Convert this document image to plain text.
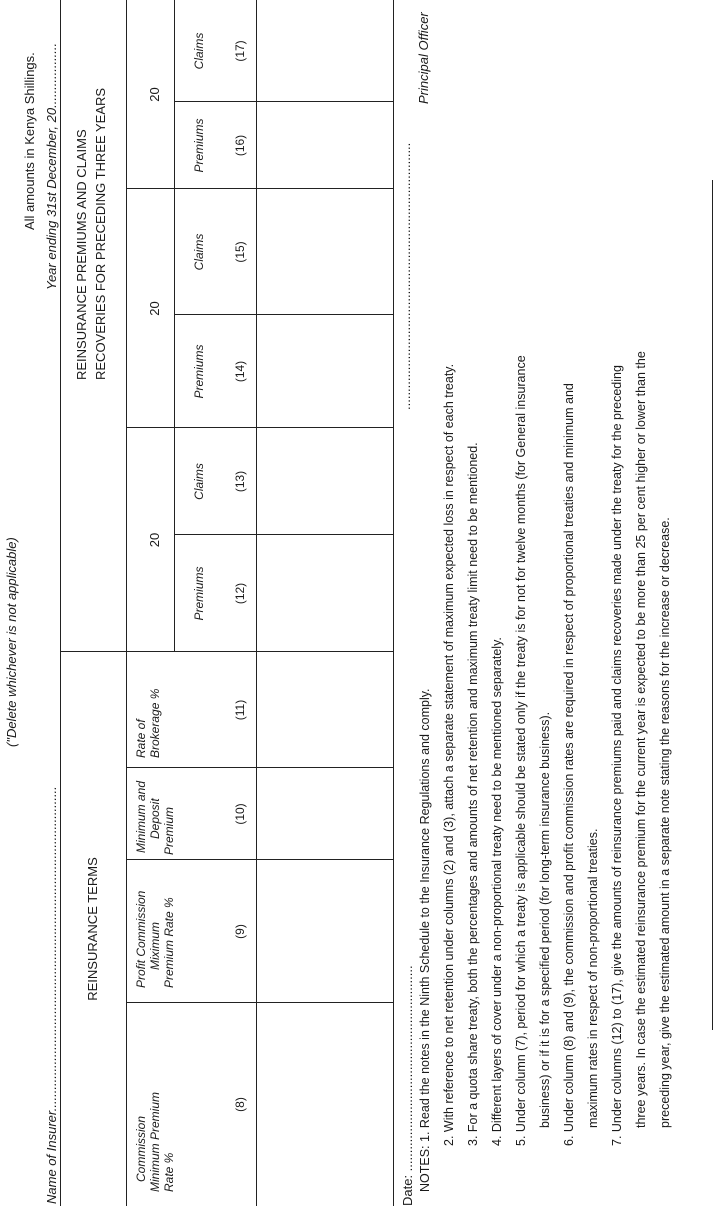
("Delete whichever is not applicable)
All amounts in Kenya Shillings.
Name of Insurer..........................................................................................
Year ending 31st December, 20..................
REINSURANCE TERMS
REINSURANCE PREMIUMS AND CLAIMS RECOVERIES FOR PRECEDING THREE YEARS
Commission Minimum Premium Rate %
Profit Commission Miximum Premium Rate %
Minimum and Deposit Premium
Rate of Brokerage %
(8)
(9)
(10)
(11)
20
20
20
Premiums
Claims
Premiums
Claims
Premiums
Claims
(12)
(13)
(14)
(15)
(16)
(17)
Date: .........................................................
..........................................................................
Principal Officer
NOTES: 1. Read the notes in the Ninth Schedule to the Insurance Regulations and comply. 2. With reference to net retention under columns (2) and (3), attach a separate statement of maximum expected loss in respect of each treaty. 3. For a quota share treaty, both the percentages and amounts of net retention and maximum treaty limit need to be mentioned. 4. Different layers of cover under a non-proportional treaty need to be mentioned separately. 5. Under column (7), period for which a treaty is applicable should be stated only if the treaty is for not for twelve months (for General insurance business) or if it is for a specified period (for long-term insurance business). 6. Under column (8) and (9), the commission and profit commission rates are required in respect of proportional treaties and minimum and maximum rates in respect of non-proportional treaties. 7. Under columns (12) to (17), give the amounts of reinsurance premiums paid and claims recoveries made under the treaty for the preceding three years. In case the estimated reinsurance premium for the current year is expected to be more than 25 per cent higher or lower than the preceding year, give the estimated amount in a separate note stating the reasons for the increase or decrease.
